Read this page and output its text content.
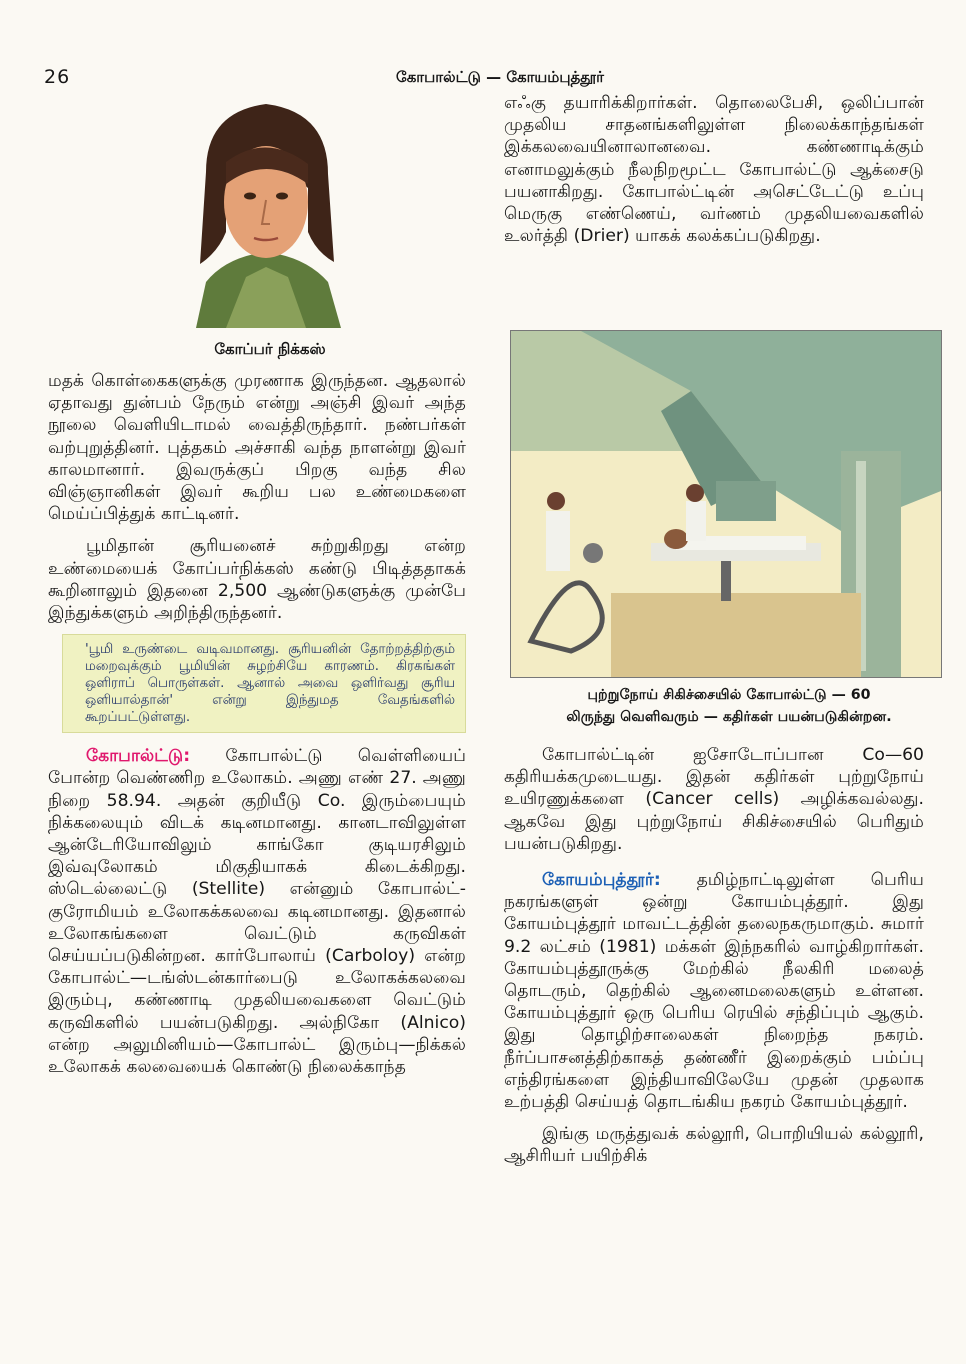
26	கோபால்ட்டு — கோயம்புத்தூர்
கோப்பர் நிக்கஸ்

மதக் கொள்கைகளுக்கு முரணாக இருந்தன. ஆதலால் ஏதாவது துன்பம் நேரும் என்று அஞ்சி இவர் அந்த நூலை வெளியிடாமல் வைத்திருந்தார். நண்பர்கள் வற்புறுத்தினர். புத்தகம் அச்சாகி வந்த நாளன்று இவர் காலமானார். இவருக்குப் பிறகு வந்த சில விஞ்ஞானிகள் இவர் கூறிய பல உண்மைகளை மெய்ப்பித்துக் காட்டினர்.

பூமிதான் சூரியனைச் சுற்றுகிறது என்ற உண்மையைக் கோப்பர்நிக்கஸ் கண்டு பிடித்ததாகக் கூறினாலும் இதனை 2,500 ஆண்டுகளுக்கு முன்பே இந்துக்களும் அறிந்திருந்தனர்.

'பூமி உருண்டை வடிவமானது. சூரியனின் தோற்றத்திற்கும் மறைவுக்கும் பூமியின் சுழற்சியே காரணம். கிரகங்கள் ஒளிராப் பொருள்கள். ஆனால் அவை ஒளிர்வது சூரிய ஒளியால்தான்' என்று இந்துமத வேதங்களில் கூறப்பட்டுள்ளது.

கோபால்ட்டு: கோபால்ட்டு வெள்ளியைப் போன்ற வெண்ணிற உலோகம். அணு எண் 27. அணு நிறை 58.94. அதன் குறியீடு Co. இரும்பையும் நிக்கலையும் விடக் கடினமானது. கானடாவிலுள்ள ஆன்டேரியோவிலும் காங்கோ குடியரசிலும் இவ்வுலோகம் மிகுதியாகக் கிடைக்கிறது. ஸ்டெல்லைட்டு (Stellite) என்னும் கோபால்ட்-குரோமியம் உலோகக்கலவை கடினமானது. இதனால் உலோகங்களை வெட்டும் கருவிகள் செய்யப்படுகின்றன. கார்போலாய் (Carboloy) என்ற கோபால்ட்—டங்ஸ்டன்கார்பைடு உலோகக்கலவை இரும்பு, கண்ணாடி முதலியவைகளை வெட்டும் கருவிகளில் பயன்படுகிறது. அல்நிகோ (Alnico) என்ற அலுமினியம்—கோபால்ட் இரும்பு—நிக்கல் உலோகக் கலவையைக் கொண்டு நிலைக்காந்த

எஃகு தயாரிக்கிறார்கள். தொலைபேசி, ஒலிப்பான் முதலிய சாதனங்களிலுள்ள நிலைக்காந்தங்கள் இக்கலவையினாலானவை. கண்ணாடிக்கும் எனாமலுக்கும் நீலநிறமூட்ட கோபால்ட்டு ஆக்சைடு பயனாகிறது. கோபால்ட்டின் அசெட்டேட்டு உப்பு மெருகு எண்ணெய், வர்ணம் முதலியவைகளில் உலர்த்தி (Drier) யாகக் கலக்கப்படுகிறது.

புற்றுநோய் சிகிச்சையில் கோபால்ட்டு — 60
லிருந்து வெளிவரும் — கதிர்கள் பயன்படுகின்றன.

கோபால்ட்டின் ஐசோடோப்பான Co—60 கதிரியக்கமுடையது. இதன் கதிர்கள் புற்றுநோய் உயிரணுக்களை (Cancer cells) அழிக்கவல்லது. ஆகவே இது புற்றுநோய் சிகிச்சையில் பெரிதும் பயன்படுகிறது.

கோயம்புத்தூர்: தமிழ்நாட்டிலுள்ள பெரிய நகரங்களுள் ஒன்று கோயம்புத்தூர். இது கோயம்புத்தூர் மாவட்டத்தின் தலைநகருமாகும். சுமார் 9.2 லட்சம் (1981) மக்கள் இந்நகரில் வாழ்கிறார்கள். கோயம்புத்தூருக்கு மேற்கில் நீலகிரி மலைத் தொடரும், தெற்கில் ஆனைமலைகளும் உள்ளன. கோயம்புத்தூர் ஒரு பெரிய ரெயில் சந்திப்பும் ஆகும். இது தொழிற்சாலைகள் நிறைந்த நகரம். நீர்ப்பாசனத்திற்காகத் தண்ணீர் இறைக்கும் பம்ப்பு எந்திரங்களை இந்தியாவிலேயே முதன் முதலாக உற்பத்தி செய்யத் தொடங்கிய நகரம் கோயம்புத்தூர்.

இங்கு மருத்துவக் கல்லூரி, பொறியியல் கல்லூரி, ஆசிரியர் பயிற்சிக்
